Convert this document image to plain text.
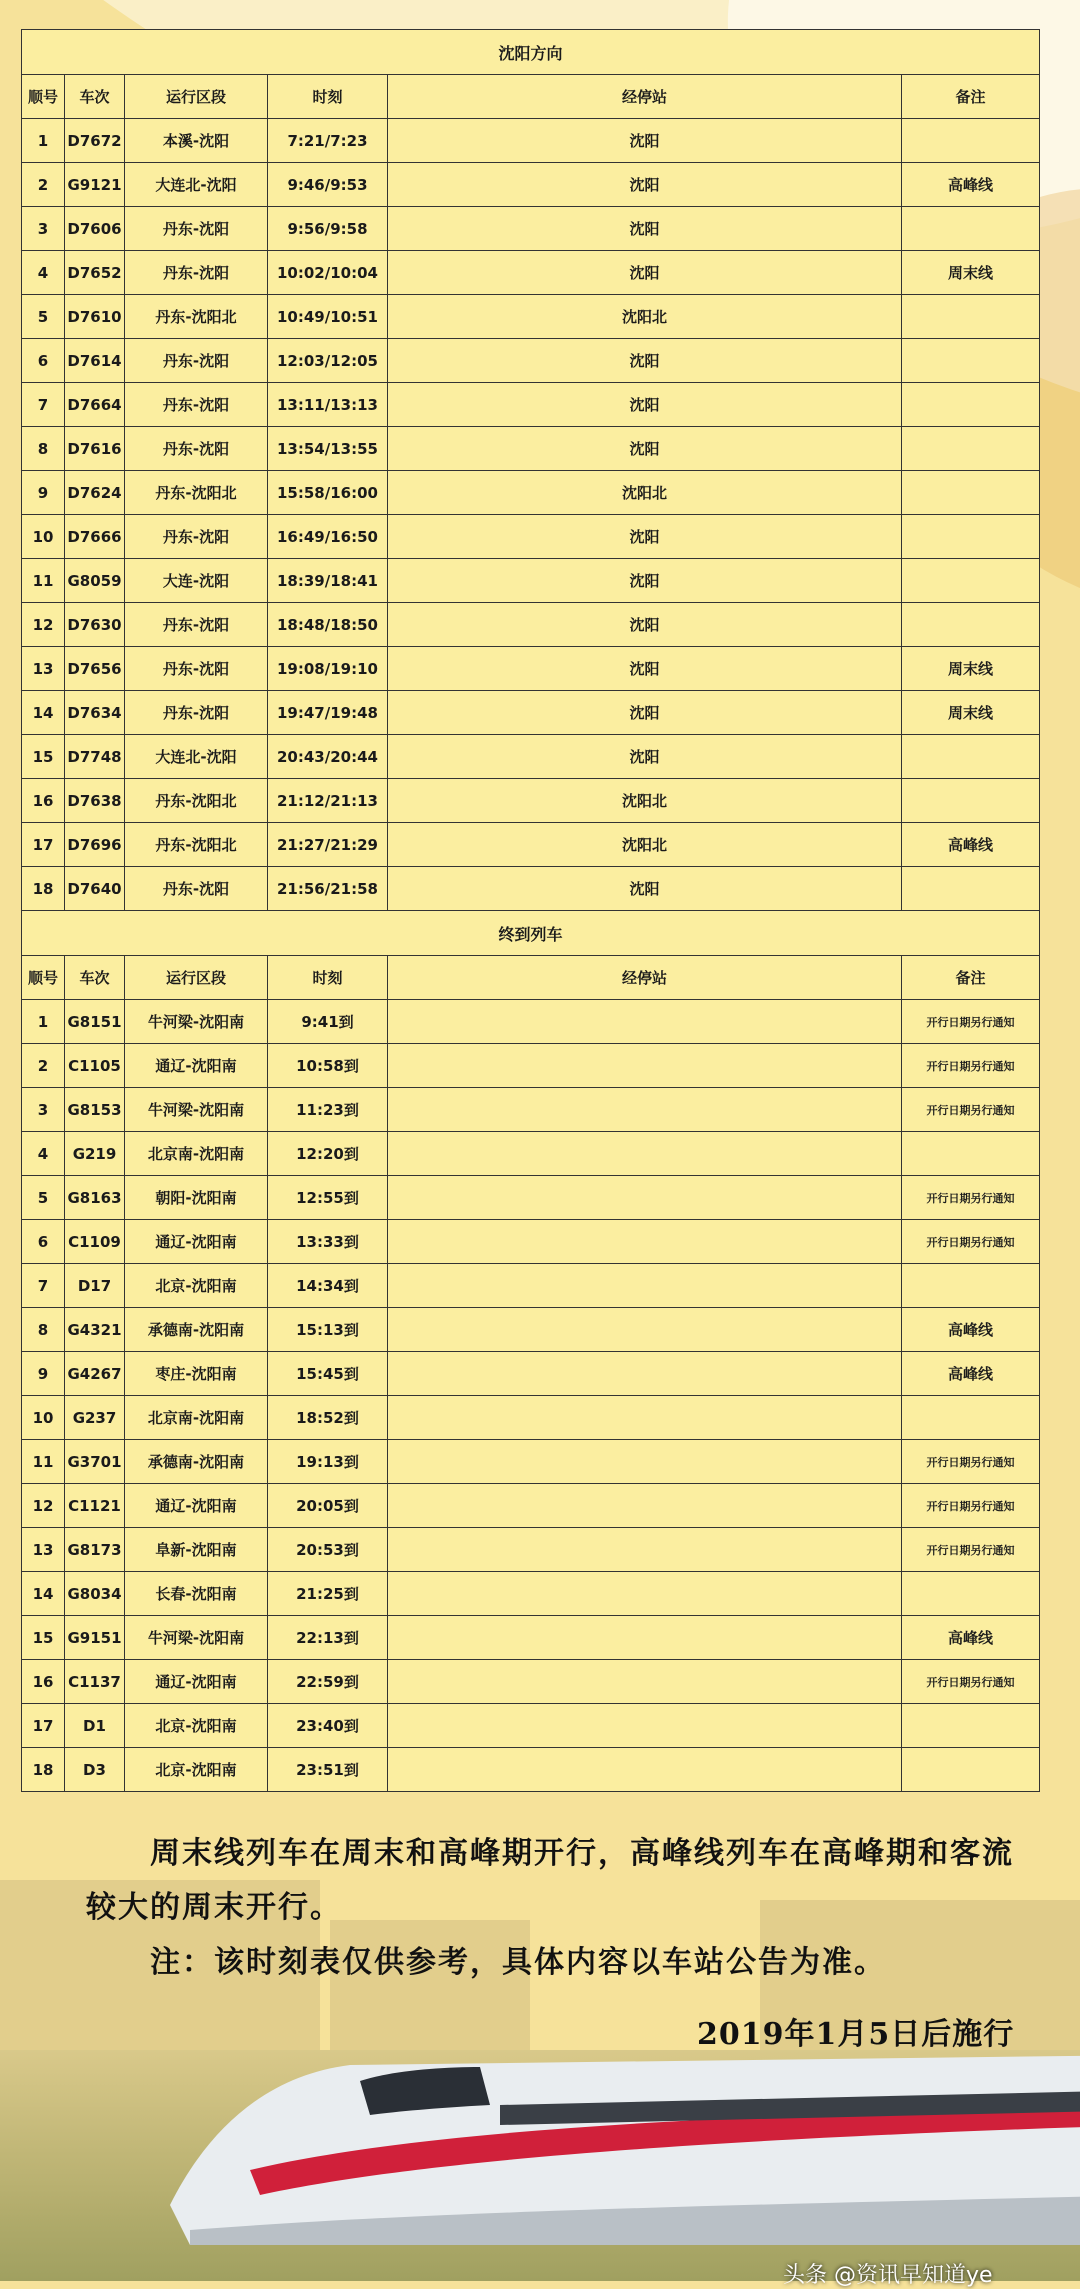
沈阳方向					
顺号	车次	运行区段	时刻	经停站	备注
1	D7672	本溪-沈阳	7:21/7:23	沈阳	
2	G9121	大连北-沈阳	9:46/9:53	沈阳	高峰线
3	D7606	丹东-沈阳	9:56/9:58	沈阳	
4	D7652	丹东-沈阳	10:02/10:04	沈阳	周末线
5	D7610	丹东-沈阳北	10:49/10:51	沈阳北	
6	D7614	丹东-沈阳	12:03/12:05	沈阳	
7	D7664	丹东-沈阳	13:11/13:13	沈阳	
8	D7616	丹东-沈阳	13:54/13:55	沈阳	
9	D7624	丹东-沈阳北	15:58/16:00	沈阳北	
10	D7666	丹东-沈阳	16:49/16:50	沈阳	
11	G8059	大连-沈阳	18:39/18:41	沈阳	
12	D7630	丹东-沈阳	18:48/18:50	沈阳	
13	D7656	丹东-沈阳	19:08/19:10	沈阳	周末线
14	D7634	丹东-沈阳	19:47/19:48	沈阳	周末线
15	D7748	大连北-沈阳	20:43/20:44	沈阳	
16	D7638	丹东-沈阳北	21:12/21:13	沈阳北	
17	D7696	丹东-沈阳北	21:27/21:29	沈阳北	高峰线
18	D7640	丹东-沈阳	21:56/21:58	沈阳	
终到列车					
顺号	车次	运行区段	时刻	经停站	备注
1	G8151	牛河梁-沈阳南	9:41到		开行日期另行通知
2	C1105	通辽-沈阳南	10:58到		开行日期另行通知
3	G8153	牛河梁-沈阳南	11:23到		开行日期另行通知
4	G219	北京南-沈阳南	12:20到		
5	G8163	朝阳-沈阳南	12:55到		开行日期另行通知
6	C1109	通辽-沈阳南	13:33到		开行日期另行通知
7	D17	北京-沈阳南	14:34到		
8	G4321	承德南-沈阳南	15:13到		高峰线
9	G4267	枣庄-沈阳南	15:45到		高峰线
10	G237	北京南-沈阳南	18:52到		
11	G3701	承德南-沈阳南	19:13到		开行日期另行通知
12	C1121	通辽-沈阳南	20:05到		开行日期另行通知
13	G8173	阜新-沈阳南	20:53到		开行日期另行通知
14	G8034	长春-沈阳南	21:25到		
15	G9151	牛河梁-沈阳南	22:13到		高峰线
16	C1137	通辽-沈阳南	22:59到		开行日期另行通知
17	D1	北京-沈阳南	23:40到		
18	D3	北京-沈阳南	23:51到		
周末线列车在周末和高峰期开行，高峰线列车在高峰期和客流
较大的周末开行。
注：该时刻表仅供参考，具体内容以车站公告为准。
2019年1月5日后施行
头条 @资讯早知道ye
